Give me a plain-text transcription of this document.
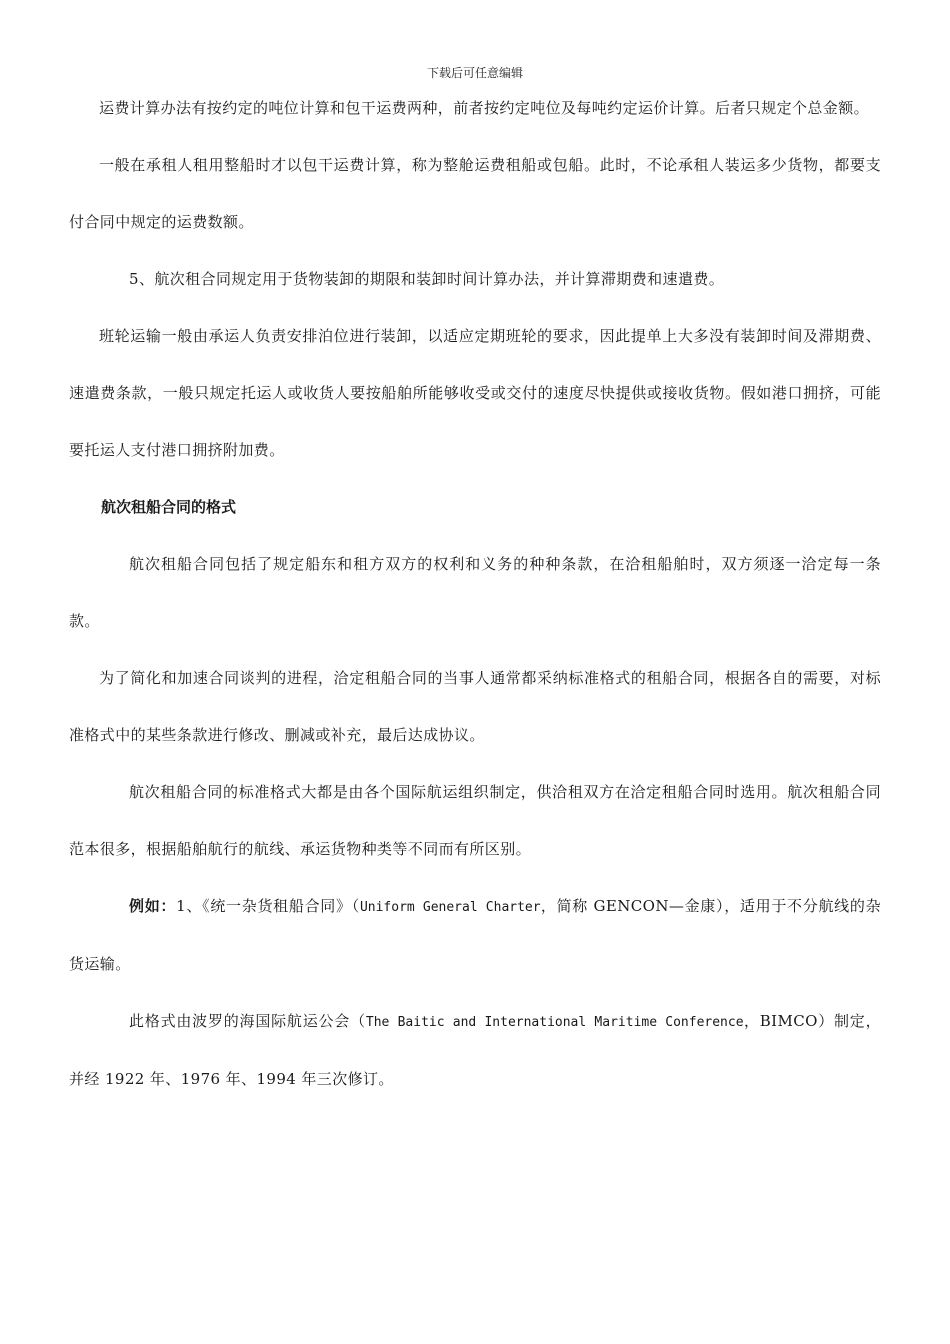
下载后可任意编辑

运费计算办法有按约定的吨位计算和包干运费两种，前者按约定吨位及每吨约定运价计算。后者只规定个总金额。

一般在承租人租用整船时才以包干运费计算，称为整舱运费租船或包船。此时，不论承租人装运多少货物，都要支付合同中规定的运费数额。

5、航次租合同规定用于货物装卸的期限和装卸时间计算办法，并计算滞期费和速遣费。

班轮运输一般由承运人负责安排泊位进行装卸，以适应定期班轮的要求，因此提单上大多没有装卸时间及滞期费、速遣费条款，一般只规定托运人或收货人要按船舶所能够收受或交付的速度尽快提供或接收货物。假如港口拥挤，可能要托运人支付港口拥挤附加费。

航次租船合同的格式

航次租船合同包括了规定船东和租方双方的权利和义务的种种条款，在洽租船舶时，双方须逐一洽定每一条款。

为了简化和加速合同谈判的进程，洽定租船合同的当事人通常都采纳标准格式的租船合同，根据各自的需要，对标准格式中的某些条款进行修改、删减或补充，最后达成协议。

航次租船合同的标准格式大都是由各个国际航运组织制定，供洽租双方在洽定租船合同时选用。航次租船合同范本很多，根据船舶航行的航线、承运货物种类等不同而有所区别。

例如：1、《统一杂货租船合同》（Uniform General Charter，简称 GENCON—金康），适用于不分航线的杂货运输。

此格式由波罗的海国际航运公会（The Baitic and International Maritime Conference，BIMCO）制定，并经 1922 年、1976 年、1994 年三次修订。
